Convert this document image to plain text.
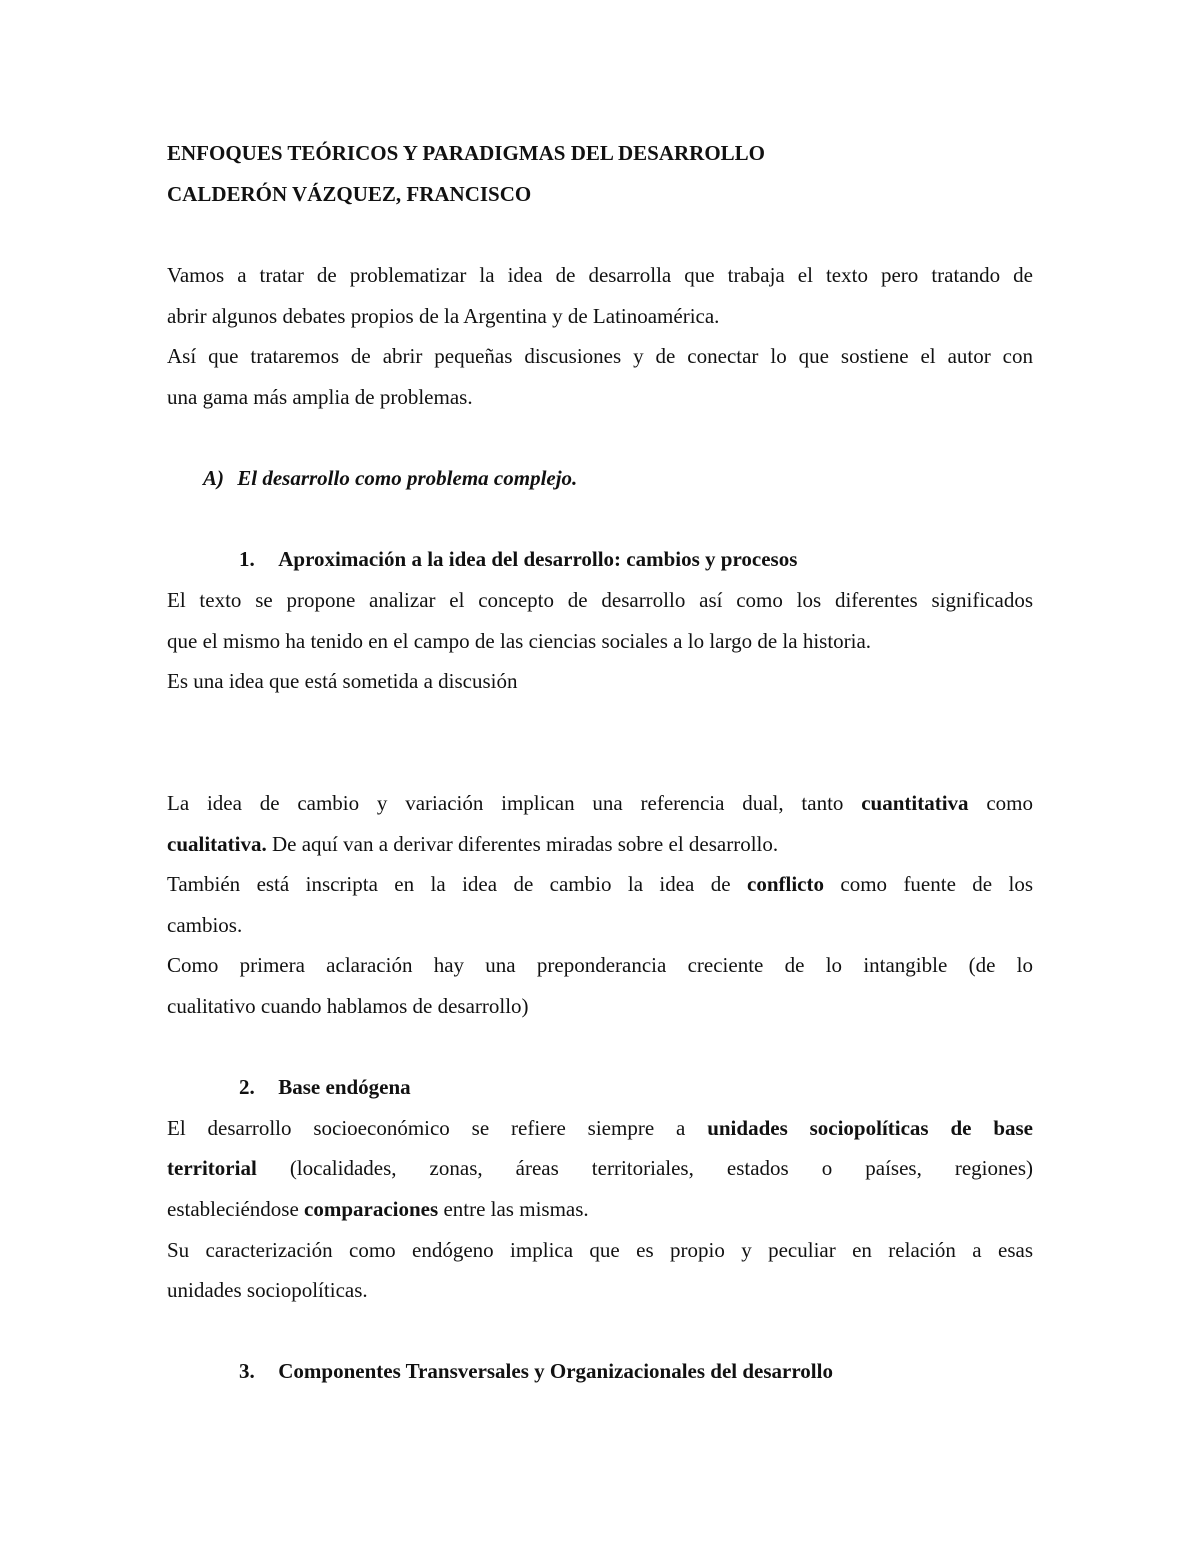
ENFOQUES TEÓRICOS Y PARADIGMAS DEL DESARROLLO
CALDERÓN VÁZQUEZ, FRANCISCO
Vamos a tratar de problematizar la idea de desarrolla que trabaja el texto pero tratando de
abrir algunos debates propios de la Argentina y de Latinoamérica.
Así que trataremos de abrir pequeñas discusiones y de conectar lo que sostiene el autor con
una gama más amplia de problemas.
A) El desarrollo como problema complejo.
1. Aproximación a la idea del desarrollo: cambios y procesos
El texto se propone analizar el concepto de desarrollo así como los diferentes significados
que el mismo ha tenido en el campo de las ciencias sociales a lo largo de la historia.
Es una idea que está sometida a discusión
La idea de cambio y variación implican una referencia dual, tanto cuantitativa como
cualitativa. De aquí van a derivar diferentes miradas sobre el desarrollo.
También está inscripta en la idea de cambio la idea de conflicto como fuente de los
cambios.
Como primera aclaración hay una preponderancia creciente de lo intangible (de lo
cualitativo cuando hablamos de desarrollo)
2. Base endógena
El desarrollo socioeconómico se refiere siempre a unidades sociopolíticas de base
territorial (localidades, zonas, áreas territoriales, estados o países, regiones)
estableciéndose comparaciones entre las mismas.
Su caracterización como endógeno implica que es propio y peculiar en relación a esas
unidades sociopolíticas.
3. Componentes Transversales y Organizacionales del desarrollo
